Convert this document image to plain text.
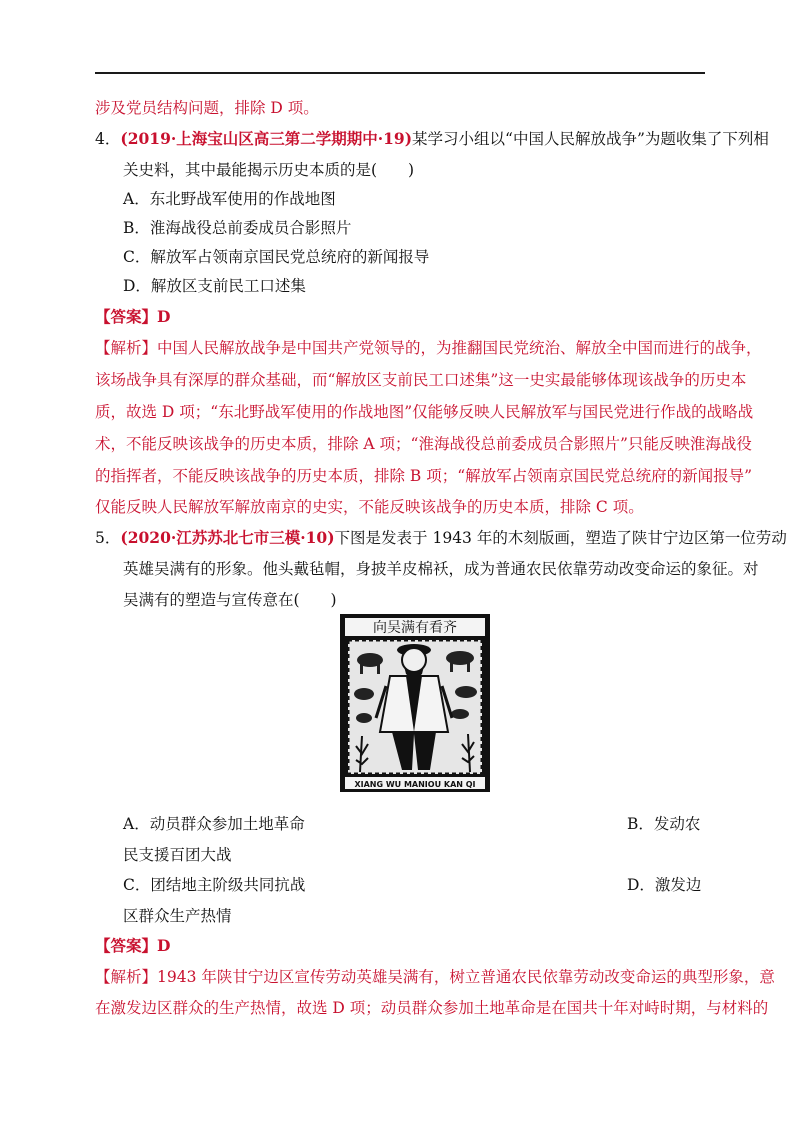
涉及党员结构问题，排除 D 项。
4．(2019·上海宝山区高三第二学期期中·19)某学习小组以“中国人民解放战争”为题收集了下列相
关史料，其中最能揭示历史本质的是(　　)
A．东北野战军使用的作战地图
B．淮海战役总前委成员合影照片
C．解放军占领南京国民党总统府的新闻报导
D．解放区支前民工口述集
【答案】D
【解析】中国人民解放战争是中国共产党领导的，为推翻国民党统治、解放全中国而进行的战争，
该场战争具有深厚的群众基础，而“解放区支前民工口述集”这一史实最能够体现该战争的历史本
质，故选 D 项；“东北野战军使用的作战地图”仅能够反映人民解放军与国民党进行作战的战略战
术，不能反映该战争的历史本质，排除 A 项；“淮海战役总前委成员合影照片”只能反映淮海战役
的指挥者，不能反映该战争的历史本质，排除 B 项；“解放军占领南京国民党总统府的新闻报导”
仅能反映人民解放军解放南京的史实，不能反映该战争的历史本质，排除 C 项。
5．(2020·江苏苏北七市三模·10)下图是发表于 1943 年的木刻版画，塑造了陕甘宁边区第一位劳动
英雄吴满有的形象。他头戴毡帽，身披羊皮棉袄，成为普通农民依靠劳动改变命运的象征。对
吴满有的塑造与宣传意在(　　)
向吴满有看齐
XIANG WU MANIOU KAN QI
A．动员群众参加土地革命	B．发动农
民支援百团大战
C．团结地主阶级共同抗战	D．激发边
区群众生产热情
【答案】D
【解析】1943 年陕甘宁边区宣传劳动英雄吴满有，树立普通农民依靠劳动改变命运的典型形象，意
在激发边区群众的生产热情，故选 D 项；动员群众参加土地革命是在国共十年对峙时期，与材料的
